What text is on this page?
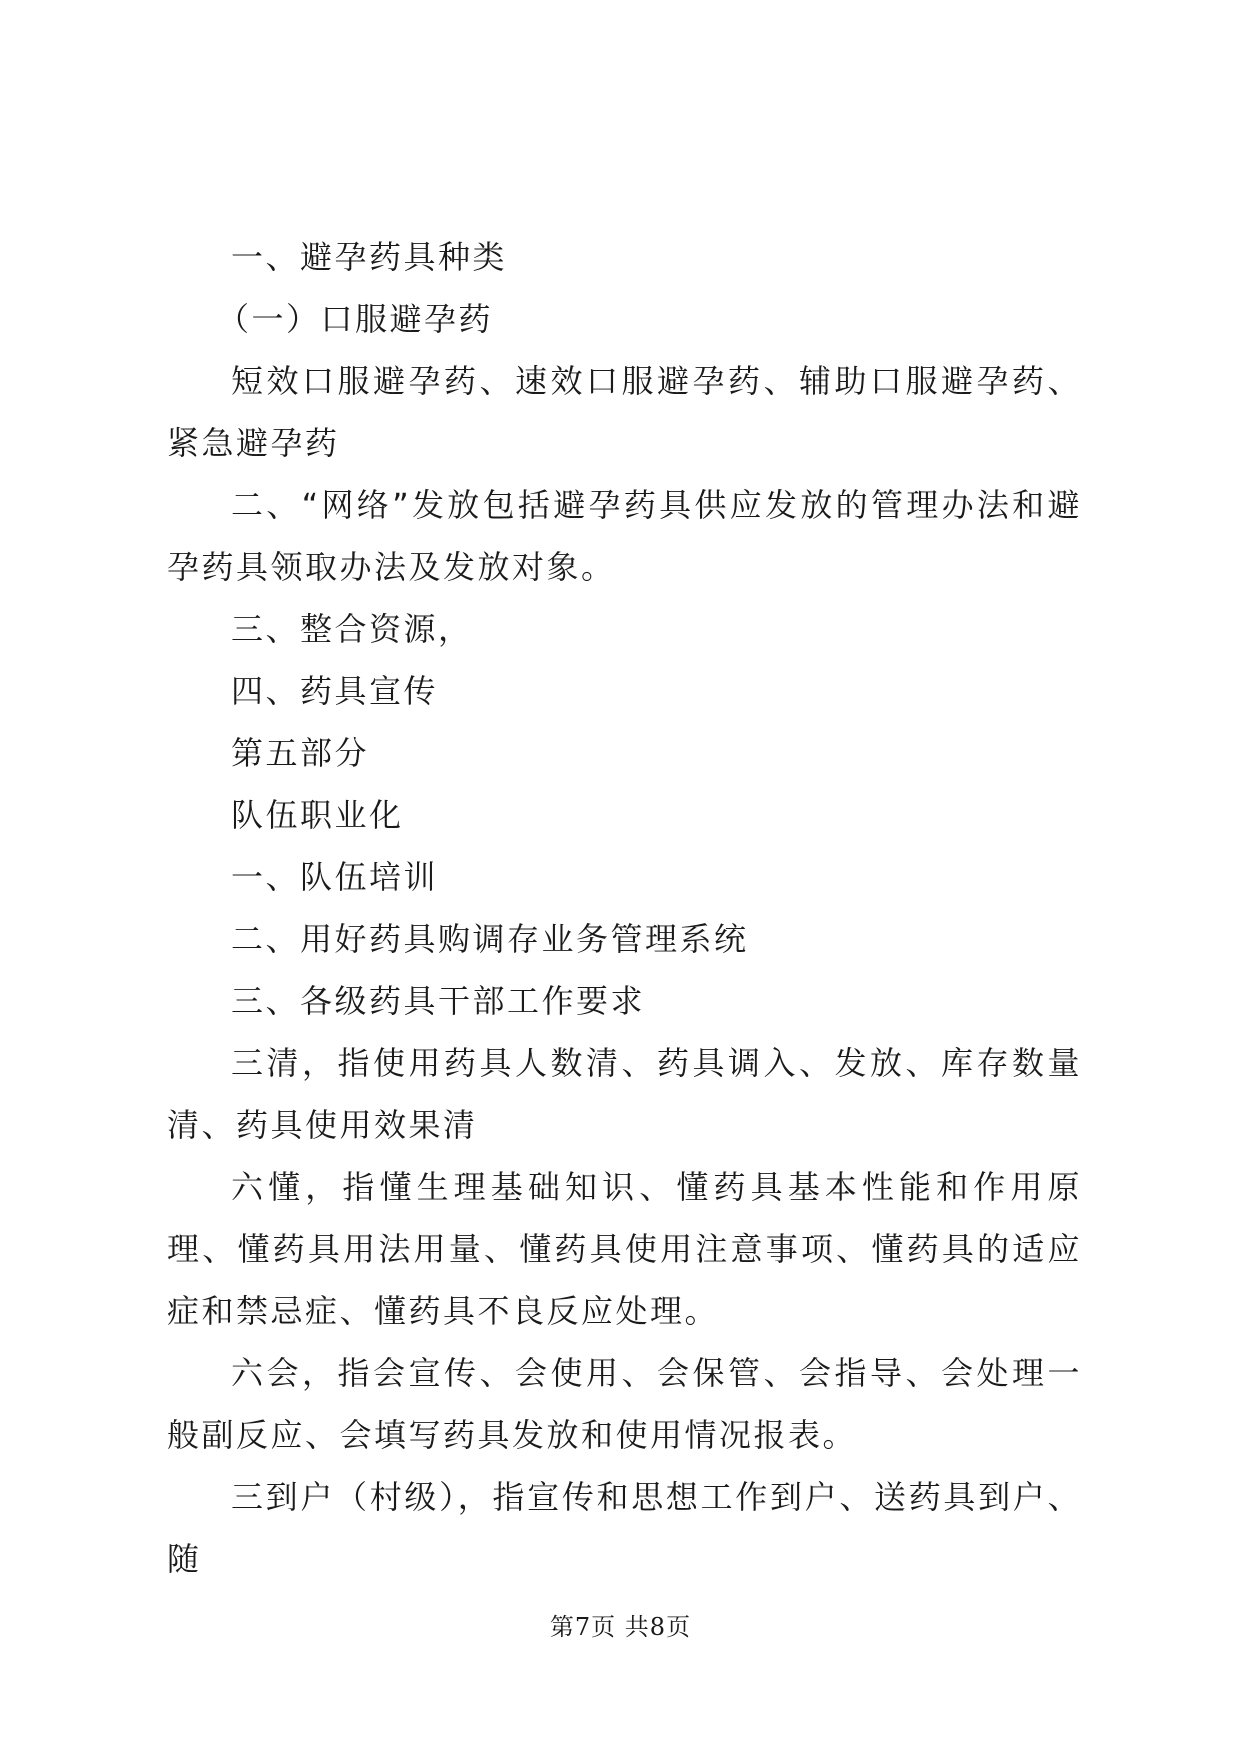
一、避孕药具种类

（一）口服避孕药

短效口服避孕药、速效口服避孕药、辅助口服避孕药、紧急避孕药

二、“网络”发放包括避孕药具供应发放的管理办法和避孕药具领取办法及发放对象。

三、整合资源，

四、药具宣传

第五部分

队伍职业化

一、队伍培训

二、用好药具购调存业务管理系统

三、各级药具干部工作要求

三清，指使用药具人数清、药具调入、发放、库存数量清、药具使用效果清

六懂，指懂生理基础知识、懂药具基本性能和作用原理、懂药具用法用量、懂药具使用注意事项、懂药具的适应症和禁忌症、懂药具不良反应处理。

六会，指会宣传、会使用、会保管、会指导、会处理一般副反应、会填写药具发放和使用情况报表。

三到户（村级），指宣传和思想工作到户、送药具到户、随

第7页 共8页
